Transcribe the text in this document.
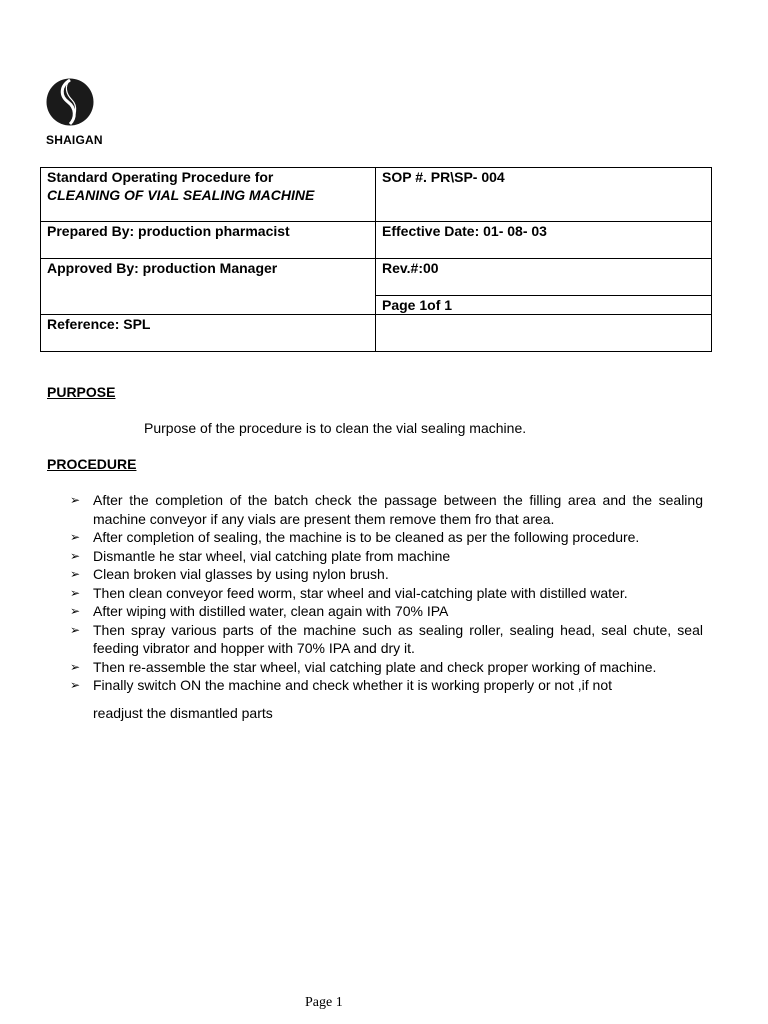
SHAIGAN
Standard Operating Procedure for
CLEANING OF VIAL SEALING MACHINE	SOP #. PR\SP- 004
Prepared By: production pharmacist	Effective Date: 01- 08- 03
Approved By: production Manager	Rev.#:00
	Page 1of 1
Reference: SPL	
PURPOSE
Purpose of the procedure is to clean the vial sealing machine.
PROCEDURE
➢ After the completion of the batch check the passage between the filling area and the sealing machine conveyor if any vials are present them remove them fro that area.
➢ After completion of sealing, the machine is to be cleaned as per the following procedure.
➢ Dismantle he star wheel, vial catching plate from machine
➢ Clean broken vial glasses by using nylon brush.
➢ Then clean conveyor feed worm, star wheel and vial-catching plate with distilled water.
➢ After wiping with distilled water, clean again with 70% IPA
➢ Then spray various parts of the machine such as sealing roller, sealing head, seal chute, seal feeding vibrator and hopper with 70% IPA and dry it.
➢ Then re-assemble the star wheel, vial catching plate and check proper working of machine.
➢ Finally switch ON the machine and check whether it is working properly or not ,if not
readjust the dismantled parts
Page 1
